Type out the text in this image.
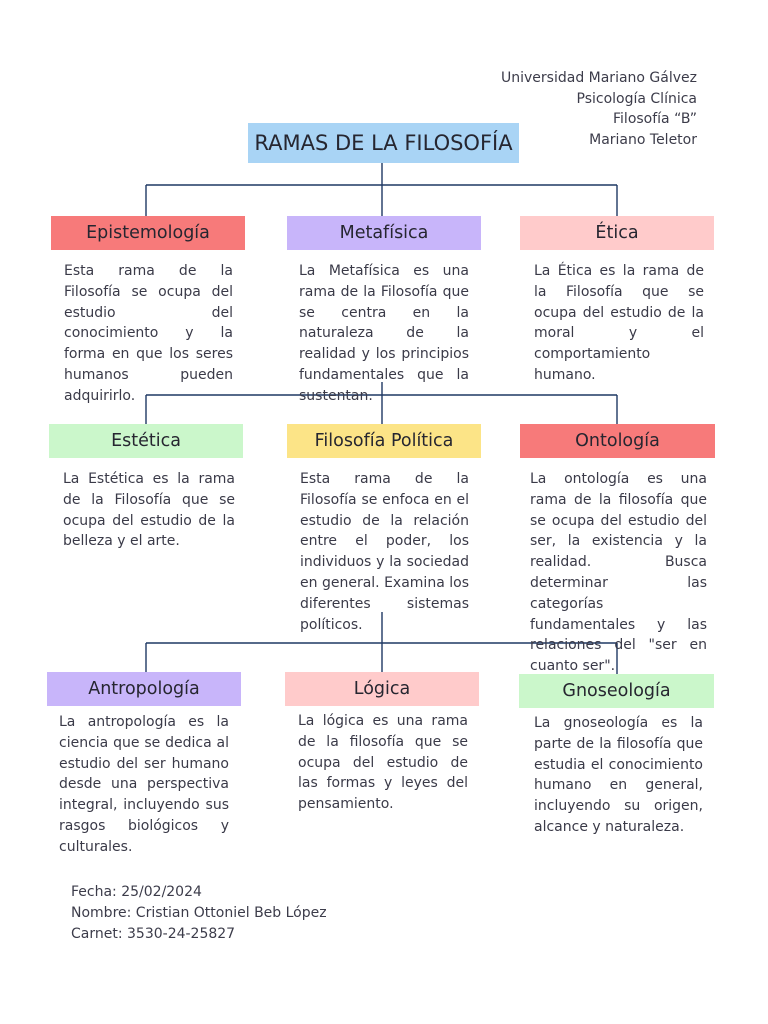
Universidad Mariano Gálvez
Psicología Clínica
Filosofía “B”
Mariano Teletor
RAMAS DE LA FILOSOFÍA
Epistemología
Esta rama de la Filosofía se ocupa del estudio del conocimiento y la forma en que los seres humanos pueden adquirirlo.
Metafísica
La Metafísica es una rama de la Filosofía que se centra en la naturaleza de la realidad y los principios fundamentales que la sustentan.
Ética
La Ética es la rama de la Filosofía que se ocupa del estudio de la moral y el comportamiento humano.
Estética
La Estética es la rama de la Filosofía que se ocupa del estudio de la belleza y el arte.
Filosofía Política
Esta rama de la Filosofía se enfoca en el estudio de la relación entre el poder, los individuos y la sociedad en general. Examina los diferentes sistemas políticos.
Ontología
La ontología es una rama de la filosofía que se ocupa del estudio del ser, la existencia y la realidad. Busca determinar las categorías fundamentales y las relaciones del "ser en cuanto ser".
Antropología
La antropología es la ciencia que se dedica al estudio del ser humano desde una perspectiva integral, incluyendo sus rasgos biológicos y culturales.
Lógica
La lógica es una rama de la filosofía que se ocupa del estudio de las formas y leyes del pensamiento.
Gnoseología
La gnoseología es la parte de la filosofía que estudia el conocimiento humano en general, incluyendo su origen, alcance y naturaleza.
Fecha: 25/02/2024
Nombre: Cristian Ottoniel Beb López
Carnet: 3530-24-25827
